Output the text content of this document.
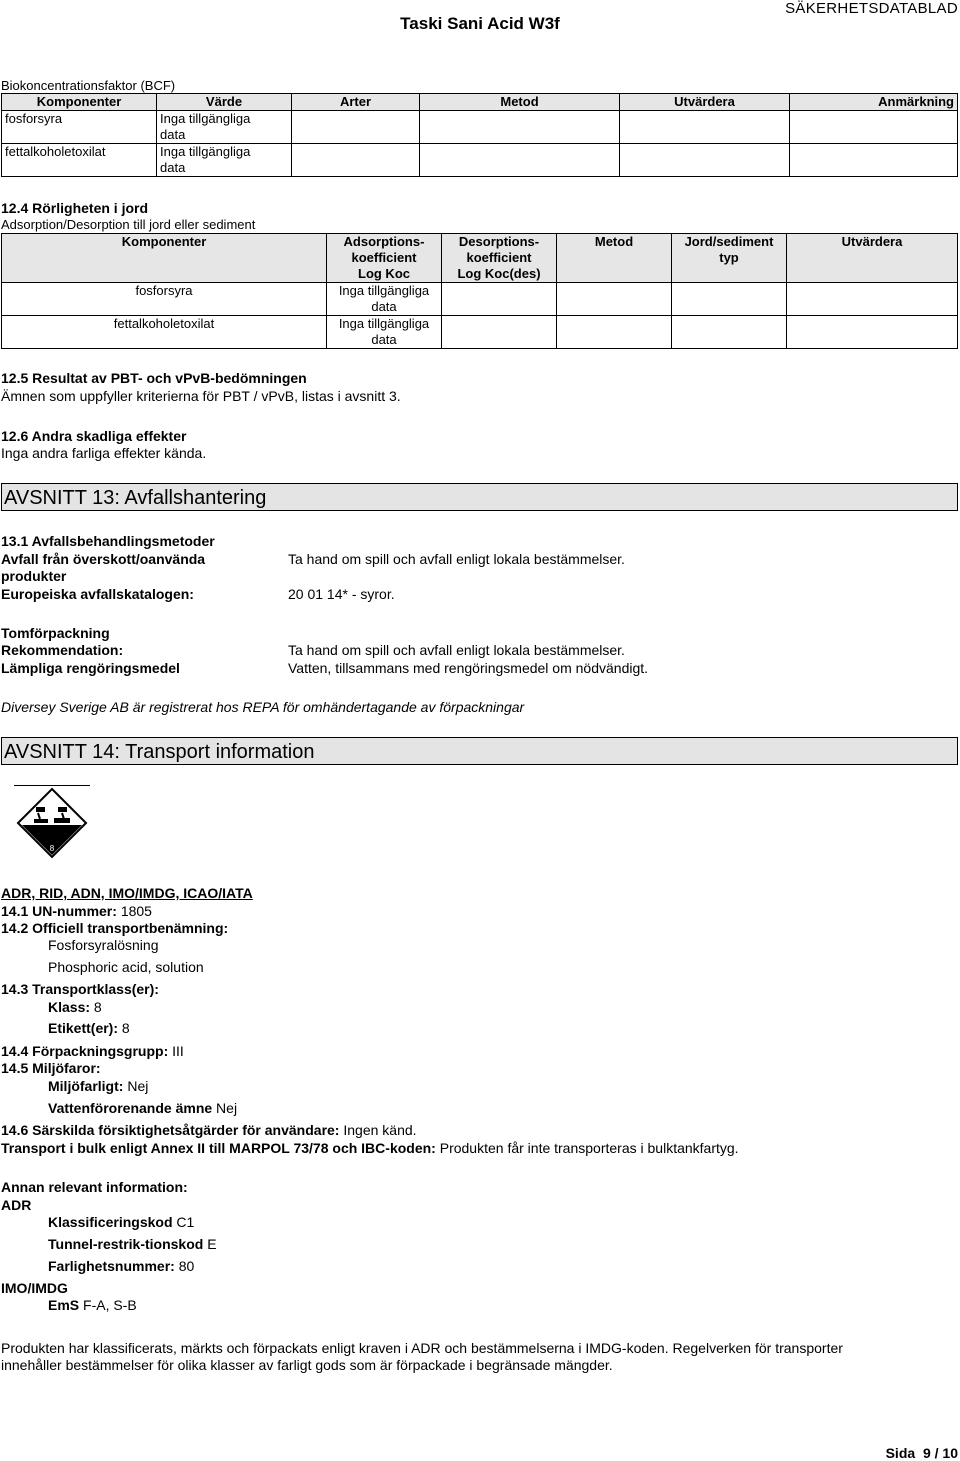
SÄKERHETSDATABLAD
Taski Sani Acid W3f
Biokoncentrationsfaktor (BCF)
Komponenter	Värde	Arter	Metod	Utvärdera	Anmärkning
fosforsyra	Inga tillgängliga
data				
fettalkoholetoxilat	Inga tillgängliga
data				
12.4 Rörligheten i jord
Adsorption/Desorption till jord eller sediment
Komponenter	Adsorptions-
koefficient
Log Koc	Desorptions-
koefficient
Log Koc(des)	Metod	Jord/sediment
typ	Utvärdera
fosforsyra	Inga tillgängliga
data				
fettalkoholetoxilat	Inga tillgängliga
data				
12.5 Resultat av PBT- och vPvB-bedömningen
Ämnen som uppfyller kriterierna för PBT / vPvB, listas i avsnitt 3.
12.6 Andra skadliga effekter
Inga andra farliga effekter kända.
AVSNITT 13: Avfallshantering
13.1 Avfallsbehandlingsmetoder
Avfall från överskott/oanvända
produkter
Ta hand om spill och avfall enligt lokala bestämmelser.
Europeiska avfallskatalogen:	20 01 14* - syror.
Tomförpackning
Rekommendation:	Ta hand om spill och avfall enligt lokala bestämmelser.
Lämpliga rengöringsmedel	Vatten, tillsammans med rengöringsmedel om nödvändigt.
Diversey Sverige AB är registrerat hos REPA för omhändertagande av förpackningar
AVSNITT 14: Transport information
8
ADR, RID, ADN, IMO/IMDG, ICAO/IATA
14.1 UN-nummer: 1805
14.2 Officiell transportbenämning:
Fosforsyralösning
Phosphoric acid, solution
14.3 Transportklass(er):
Klass: 8
Etikett(er): 8
14.4 Förpackningsgrupp: III
14.5 Miljöfaror:
Miljöfarligt: Nej
Vattenförorenande ämne Nej
14.6 Särskilda försiktighetsåtgärder för användare: Ingen känd.
Transport i bulk enligt Annex II till MARPOL 73/78 och IBC-koden: Produkten får inte transporteras i bulktankfartyg.
Annan relevant information:
ADR
Klassificeringskod C1
Tunnel-restrik-tionskod E
Farlighetsnummer: 80
IMO/IMDG
EmS F-A, S-B
Produkten har klassificerats, märkts och förpackats enligt kraven i ADR och bestämmelserna i IMDG-koden. Regelverken för transporter
innehåller bestämmelser för olika klasser av farligt gods som är förpackade i begränsade mängder.
Sida 9 / 10
